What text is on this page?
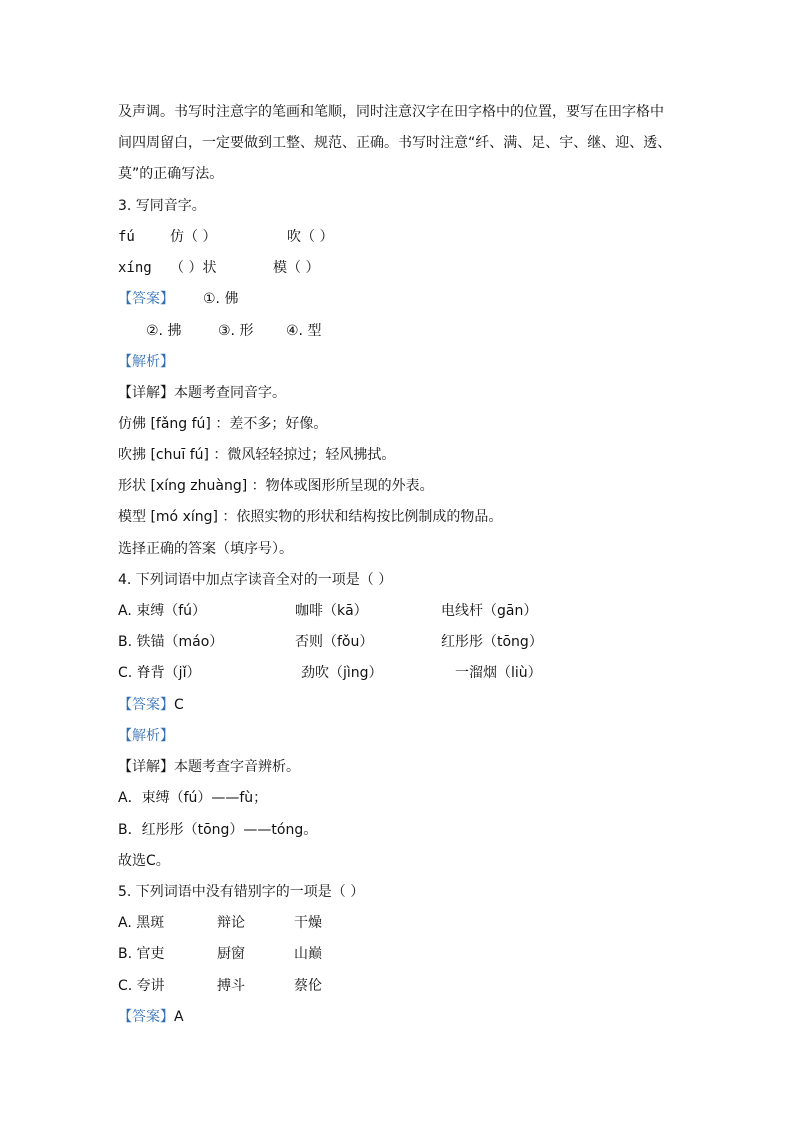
及声调。书写时注意字的笔画和笔顺，同时注意汉字在田字格中的位置，要写在田字格中
间四周留白，一定要做到工整、规范、正确。书写时注意“纤、满、足、宇、继、迎、透、
莫”的正确写法。
3. 写同音字。
fú	仿（ ）	吹（ ）
xíng （ ）状	模（ ）
【答案】 ①. 佛
②. 拂	③. 形 ④. 型
【解析】
【详解】本题考查同音字。
仿佛 [fǎng fú] ：差不多；好像。
吹拂 [chuī fú] ：微风轻轻掠过；轻风拂拭。
形状 [xíng zhuàng] ：物体或图形所呈现的外表。
模型 [mó xíng] ：依照实物的形状和结构按比例制成的物品。
选择正确的答案（填序号）。
4. 下列词语中加点字读音全对的一项是（ ）
A. 束缚（fú）	咖啡（kā）	电线杆（gān）
B. 铁锚（máo）	否则（fǒu）	红彤彤（tōng）
C. 脊背（jǐ）	劲吹（jìng）	一溜烟（liù）
【答案】C
【解析】
【详解】本题考查字音辨析。
A．束缚（fú）——fù；
B．红彤彤（tōng）——tóng。
故选C。
5. 下列词语中没有错别字的一项是（ ）
A. 黑斑	辩论	干燥
B. 官吏	厨窗	山巅
C. 夸讲	搏斗	蔡伦
【答案】A
